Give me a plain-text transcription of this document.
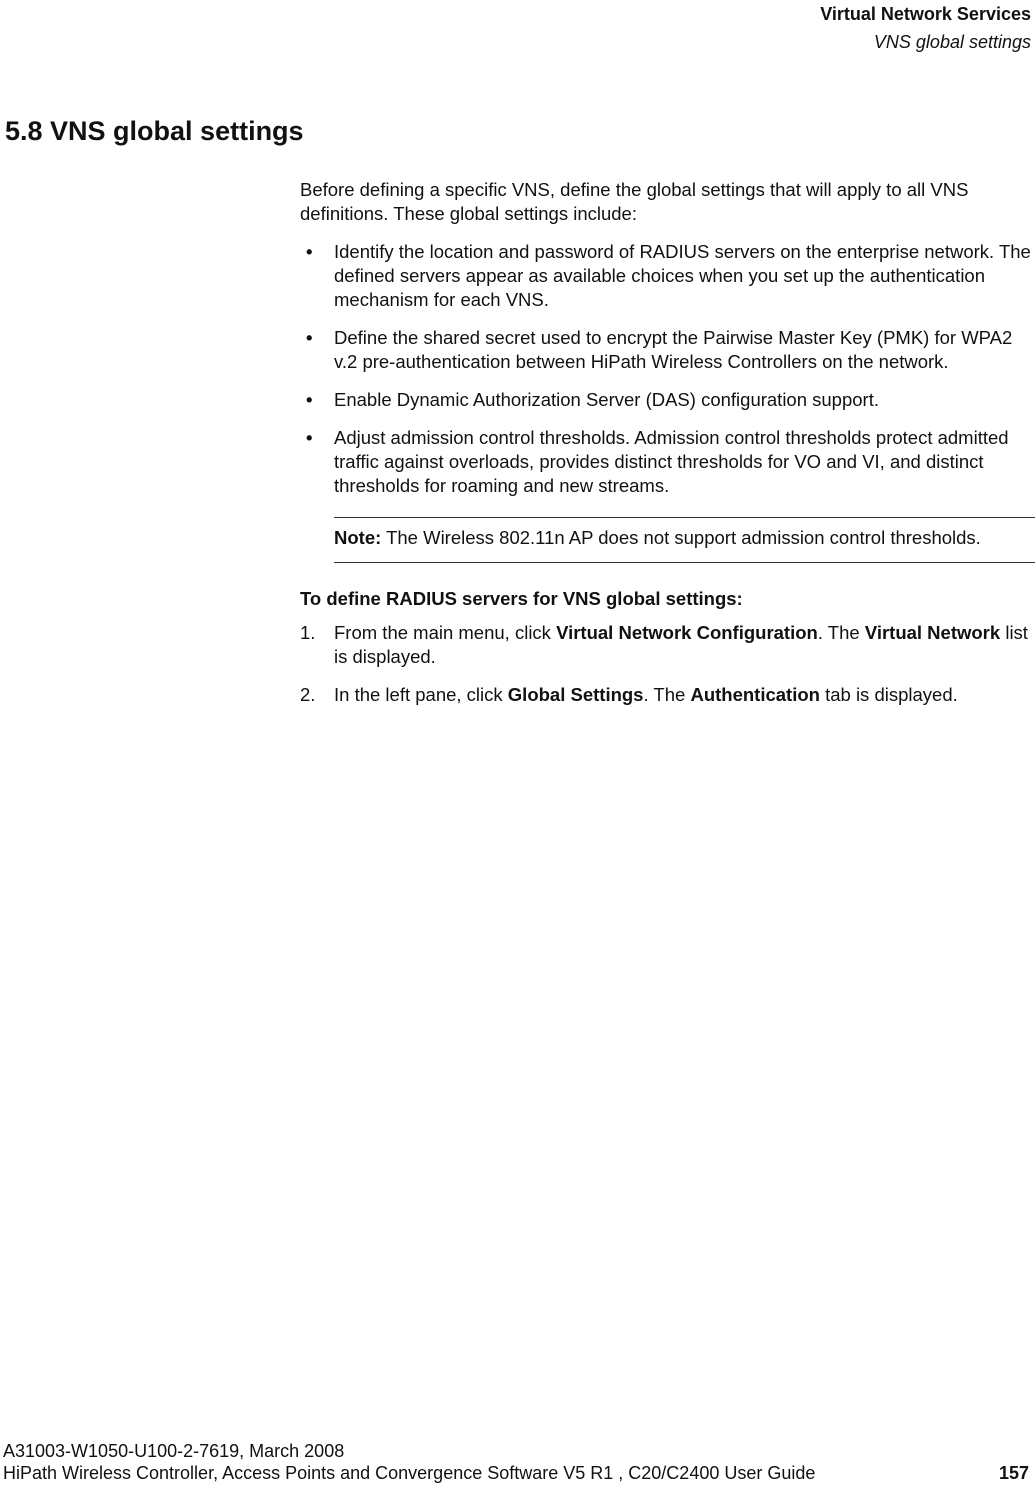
Virtual Network Services
VNS global settings
5.8 VNS global settings

Before defining a specific VNS, define the global settings that will apply to all VNS definitions. These global settings include:

• Identify the location and password of RADIUS servers on the enterprise network. The defined servers appear as available choices when you set up the authentication mechanism for each VNS.
• Define the shared secret used to encrypt the Pairwise Master Key (PMK) for WPA2 v.2 pre-authentication between HiPath Wireless Controllers on the network.
• Enable Dynamic Authorization Server (DAS) configuration support.
• Adjust admission control thresholds. Admission control thresholds protect admitted traffic against overloads, provides distinct thresholds for VO and VI, and distinct thresholds for roaming and new streams.
Note: The Wireless 802.11n AP does not support admission control thresholds.

To define RADIUS servers for VNS global settings:

1. From the main menu, click Virtual Network Configuration. The Virtual Network list is displayed.
2. In the left pane, click Global Settings. The Authentication tab is displayed.
A31003-W1050-U100-2-7619, March 2008
HiPath Wireless Controller, Access Points and Convergence Software V5 R1 , C20/C2400 User Guide	157
